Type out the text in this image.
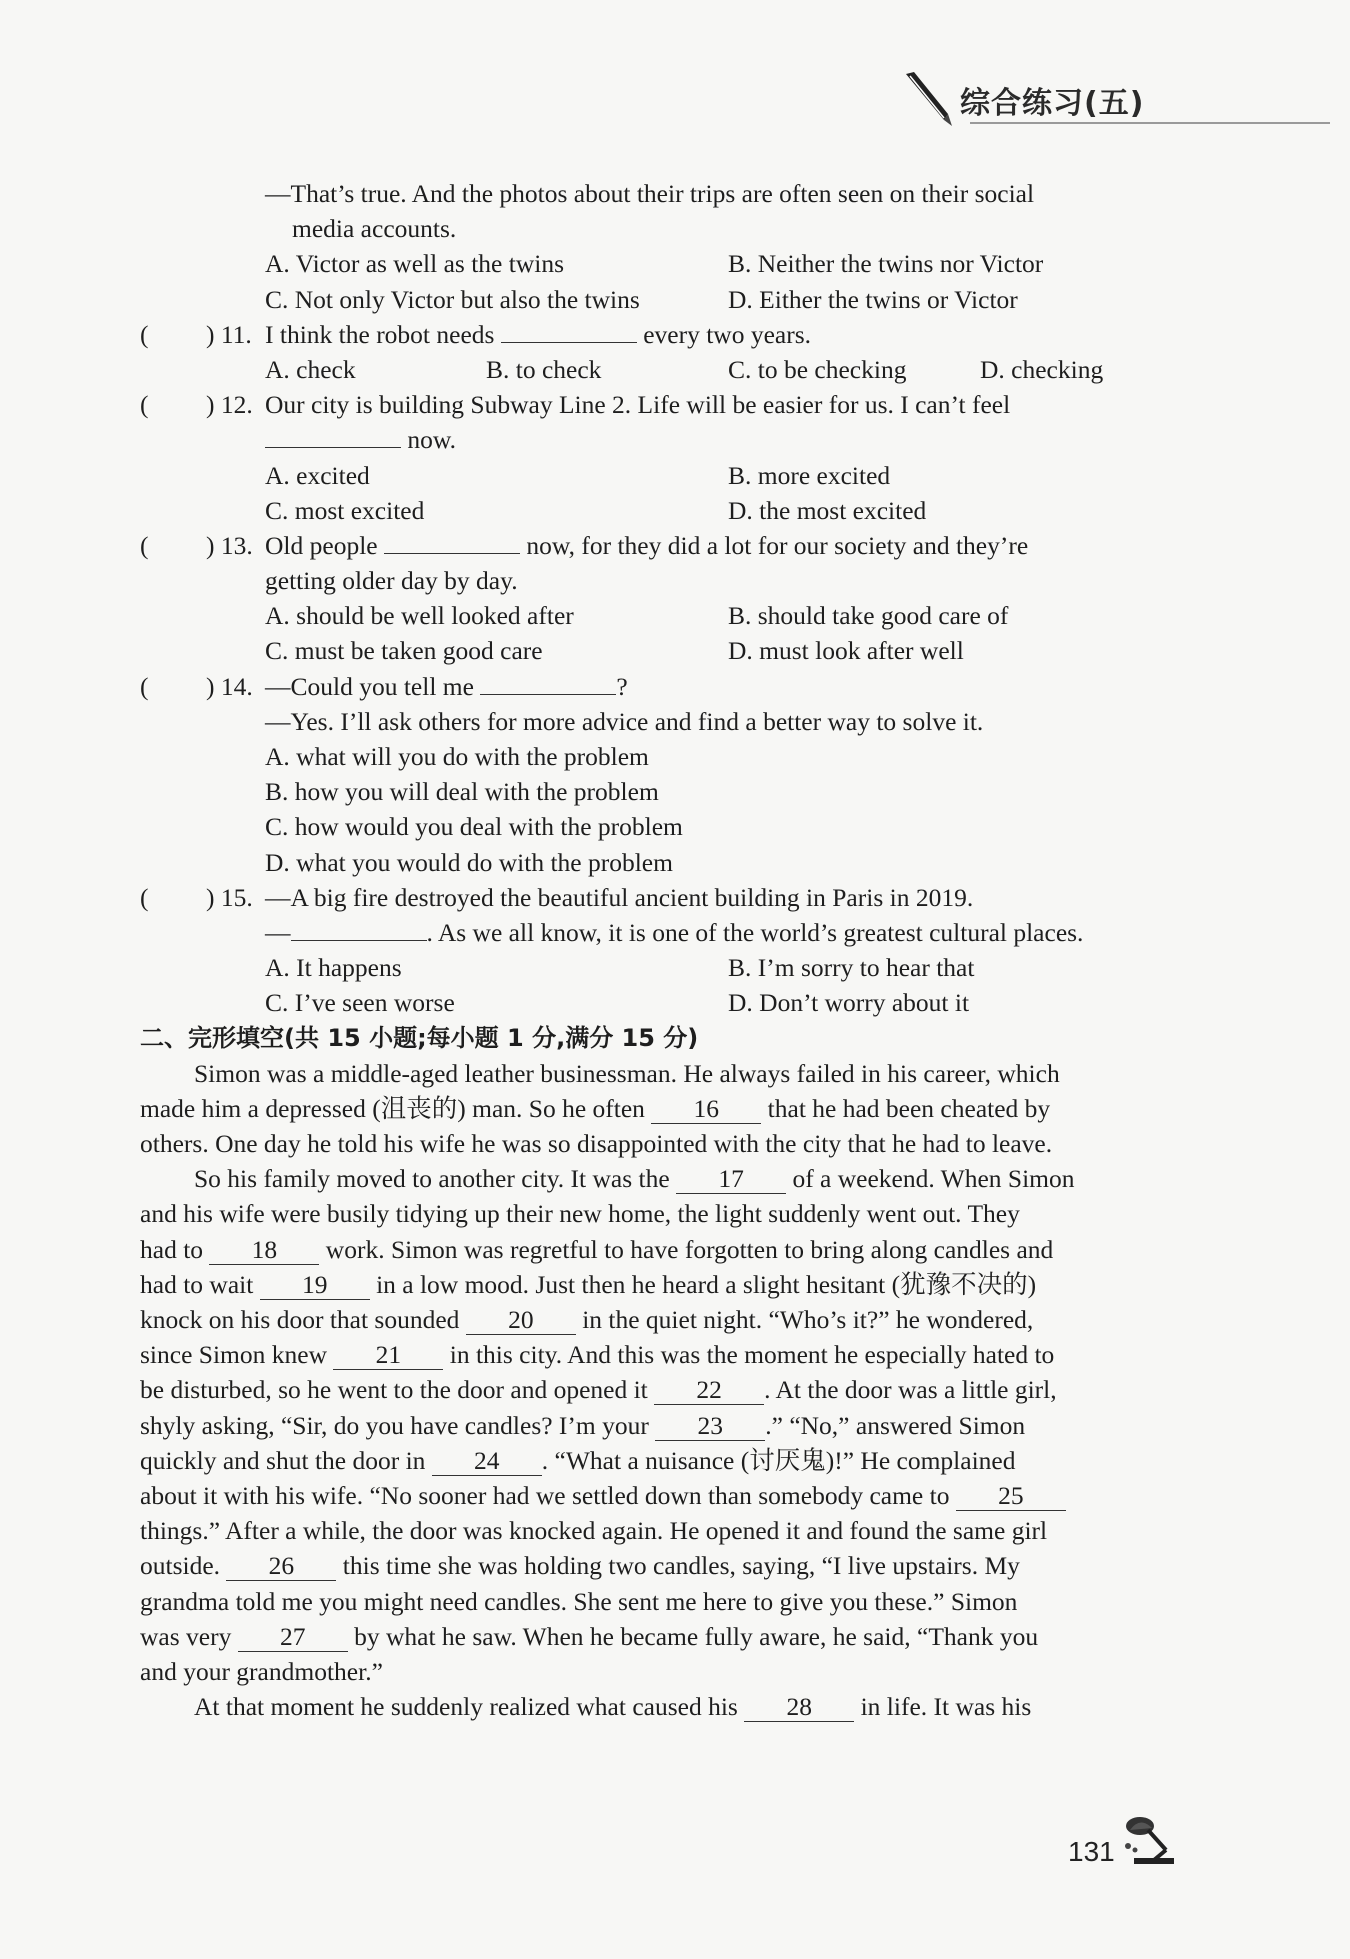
综合练习(五)
—That’s true. And the photos about their trips are often seen on their social
media accounts.
A. Victor as well as the twins	B. Neither the twins nor Victor
C. Not only Victor but also the twins	D. Either the twins or Victor
( ) 11. I think the robot needs	every two years.
A. check	B. to check	C. to be checking	D. checking
( ) 12. Our city is building Subway Line 2. Life will be easier for us. I can’t feel
now.
A. excited	B. more excited
C. most excited	D. the most excited
( ) 13. Old people	now, for they did a lot for our society and they’re
getting older day by day.
A. should be well looked after	B. should take good care of
C. must be taken good care	D. must look after well
( ) 14. —Could you tell me	?
—Yes. I’ll ask others for more advice and find a better way to solve it.
A. what will you do with the problem
B. how you will deal with the problem
C. how would you deal with the problem
D. what you would do with the problem
( ) 15. —A big fire destroyed the beautiful ancient building in Paris in 2019.
—	. As we all know, it is one of the world’s greatest cultural places.
A. It happens	B. I’m sorry to hear that
C. I’ve seen worse	D. Don’t worry about it
二、完形填空(共 15 小题;每小题 1 分,满分 15 分)
Simon was a middle-aged leather businessman. He always failed in his career, which
made him a depressed (沮丧的) man. So he often 16 that he had been cheated by
others. One day he told his wife he was so disappointed with the city that he had to leave.
So his family moved to another city. It was the 17 of a weekend. When Simon
and his wife were busily tidying up their new home, the light suddenly went out. They
had to 18 work. Simon was regretful to have forgotten to bring along candles and
had to wait 19 in a low mood. Just then he heard a slight hesitant (犹豫不决的)
knock on his door that sounded 20 in the quiet night. “Who’s it?” he wondered,
since Simon knew 21 in this city. And this was the moment he especially hated to
be disturbed, so he went to the door and opened it 22 . At the door was a little girl,
shyly asking, “Sir, do you have candles? I’m your 23 .” “No,” answered Simon
quickly and shut the door in 24 . “What a nuisance (讨厌鬼)!” He complained
about it with his wife. “No sooner had we settled down than somebody came to 25
things.” After a while, the door was knocked again. He opened it and found the same girl
outside. 26 this time she was holding two candles, saying, “I live upstairs. My
grandma told me you might need candles. She sent me here to give you these.” Simon
was very 27 by what he saw. When he became fully aware, he said, “Thank you
and your grandmother.”
At that moment he suddenly realized what caused his 28 in life. It was his
131
